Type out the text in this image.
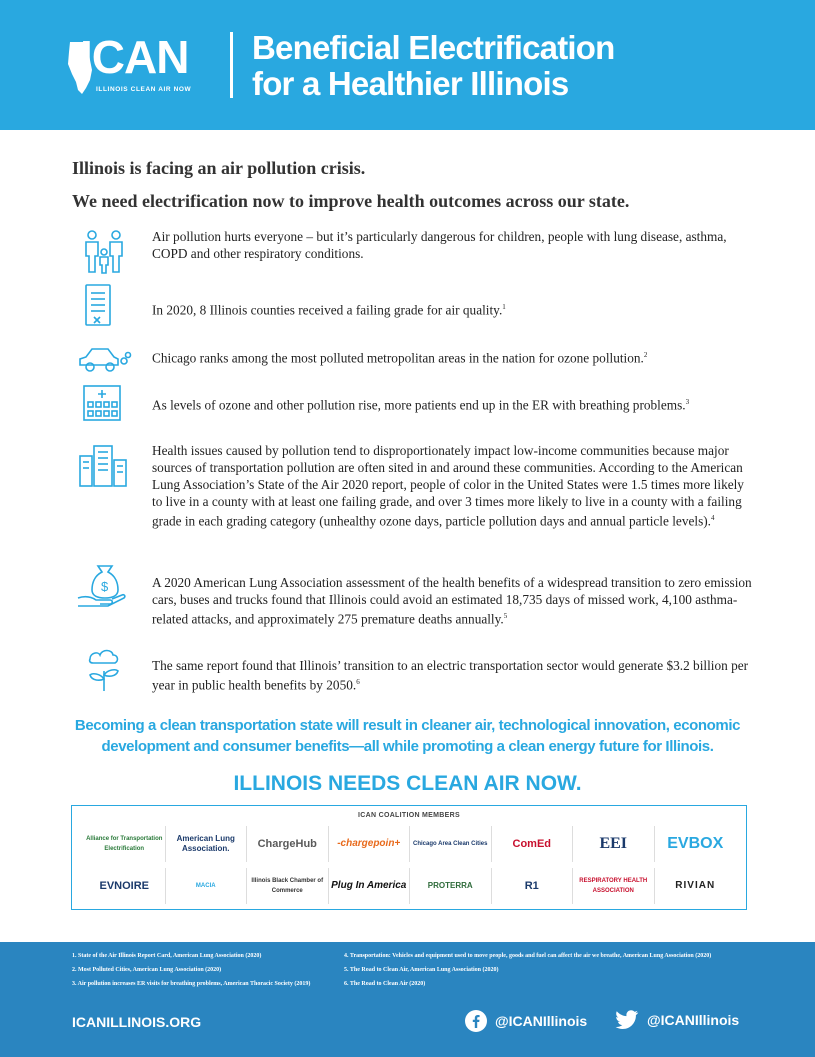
ICAN
ILLINOIS CLEAN AIR NOW
Beneficial Electrification
for a Healthier Illinois
Illinois is facing an air pollution crisis.
We need electrification now to improve health outcomes across our state.
Air pollution hurts everyone – but it’s particularly dangerous for children, people with lung disease, asthma, COPD and other respiratory conditions.
In 2020, 8 Illinois counties received a failing grade for air quality.$^1$
Chicago ranks among the most polluted metropolitan areas in the nation for ozone pollution.$^2$
As levels of ozone and other pollution rise, more patients end up in the ER with breathing problems.$^3$
Health issues caused by pollution tend to disproportionately impact low-income communities because major sources of transportation pollution are often sited in and around these communities. According to the American Lung Association’s State of the Air 2020 report, people of color in the United States were 1.5 times more likely to live in a county with at least one failing grade, and over 3 times more likely to live in a county with a failing grade in each grading category (unhealthy ozone days, particle pollution days and annual particle levels).$^4$
$	A 2020 American Lung Association assessment of the health benefits of a widespread transition to zero emission cars, buses and trucks found that Illinois could avoid an estimated 18,735 days of missed work, 4,100 asthma-related attacks, and approximately 275 premature deaths annually.$^5$
The same report found that Illinois’ transition to an electric transportation sector would generate $3.2 billion per year in public health benefits by 2050.$^6$
Becoming a clean transportation state will result in cleaner air, technological innovation, economic development and consumer benefits—all while promoting a clean energy future for Illinois.
ILLINOIS NEEDS CLEAN AIR NOW.
ICAN COALITION MEMBERS
Alliance for Transportation Electrification
American Lung Association.	ChargeHub	-chargepoin+	Chicago Area Clean Cities	ComEd	EEI	EVBOX
EVNOIRE	MACIA
Illinois Black Chamber of Commerce	Plug In America	PROTERRA	R1	RESPIRATORY HEALTH ASSOCIATION	RIVIAN
1. State of the Air Illinois Report Card, American Lung Association (2020)
2. Most Polluted Cities, American Lung Association (2020)
3. Air pollution increases ER visits for breathing problems, American Thoracic Society (2019)
4. Transportation: Vehicles and equipment used to move people, goods and fuel can affect the air we breathe, American Lung Association (2020)
5. The Road to Clean Air, American Lung Association (2020)
6. The Road to Clean Air (2020)
ICANILLINOIS.ORG	@ICANIllinois	@ICANIllinois
